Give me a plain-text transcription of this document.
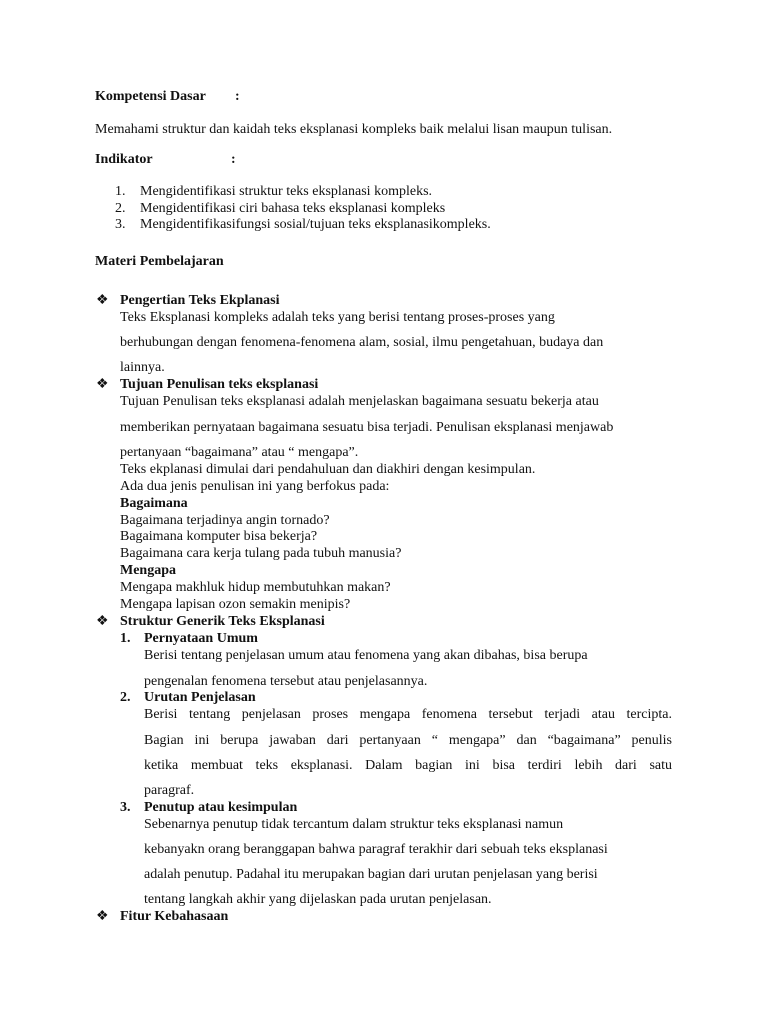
Kompetensi Dasar :
Memahami struktur dan kaidah teks eksplanasi kompleks baik melalui lisan maupun tulisan.
Indikator	:
1. Mengidentifikasi struktur teks eksplanasi kompleks.
2. Mengidentifikasi ciri bahasa teks eksplanasi kompleks
3. Mengidentifikasifungsi sosial/tujuan teks eksplanasikompleks.
Materi Pembelajaran
❖ Pengertian Teks Ekplanasi
Teks Eksplanasi kompleks adalah teks yang berisi tentang proses-proses yang
berhubungan dengan fenomena-fenomena alam, sosial, ilmu pengetahuan, budaya dan
lainnya.
❖ Tujuan Penulisan teks eksplanasi
Tujuan Penulisan teks eksplanasi adalah menjelaskan bagaimana sesuatu bekerja atau
memberikan pernyataan bagaimana sesuatu bisa terjadi. Penulisan eksplanasi menjawab
pertanyaan “bagaimana” atau “ mengapa”.
Teks ekplanasi dimulai dari pendahuluan dan diakhiri dengan kesimpulan.
Ada dua jenis penulisan ini yang berfokus pada:
Bagaimana
Bagaimana terjadinya angin tornado?
Bagaimana komputer bisa bekerja?
Bagaimana cara kerja tulang pada tubuh manusia?
Mengapa
Mengapa makhluk hidup membutuhkan makan?
Mengapa lapisan ozon semakin menipis?
❖ Struktur Generik Teks Eksplanasi
1. Pernyataan Umum
Berisi tentang penjelasan umum atau fenomena yang akan dibahas, bisa berupa
pengenalan fenomena tersebut atau penjelasannya.
2. Urutan Penjelasan
Berisi tentang penjelasan proses mengapa fenomena tersebut terjadi atau tercipta.
Bagian ini berupa jawaban dari pertanyaan “ mengapa” dan “bagaimana” penulis
ketika membuat teks eksplanasi. Dalam bagian ini bisa terdiri lebih dari satu
paragraf.
3. Penutup atau kesimpulan
Sebenarnya penutup tidak tercantum dalam struktur teks eksplanasi namun
kebanyakn orang beranggapan bahwa paragraf terakhir dari sebuah teks eksplanasi
adalah penutup. Padahal itu merupakan bagian dari urutan penjelasan yang berisi
tentang langkah akhir yang dijelaskan pada urutan penjelasan.
❖ Fitur Kebahasaan
